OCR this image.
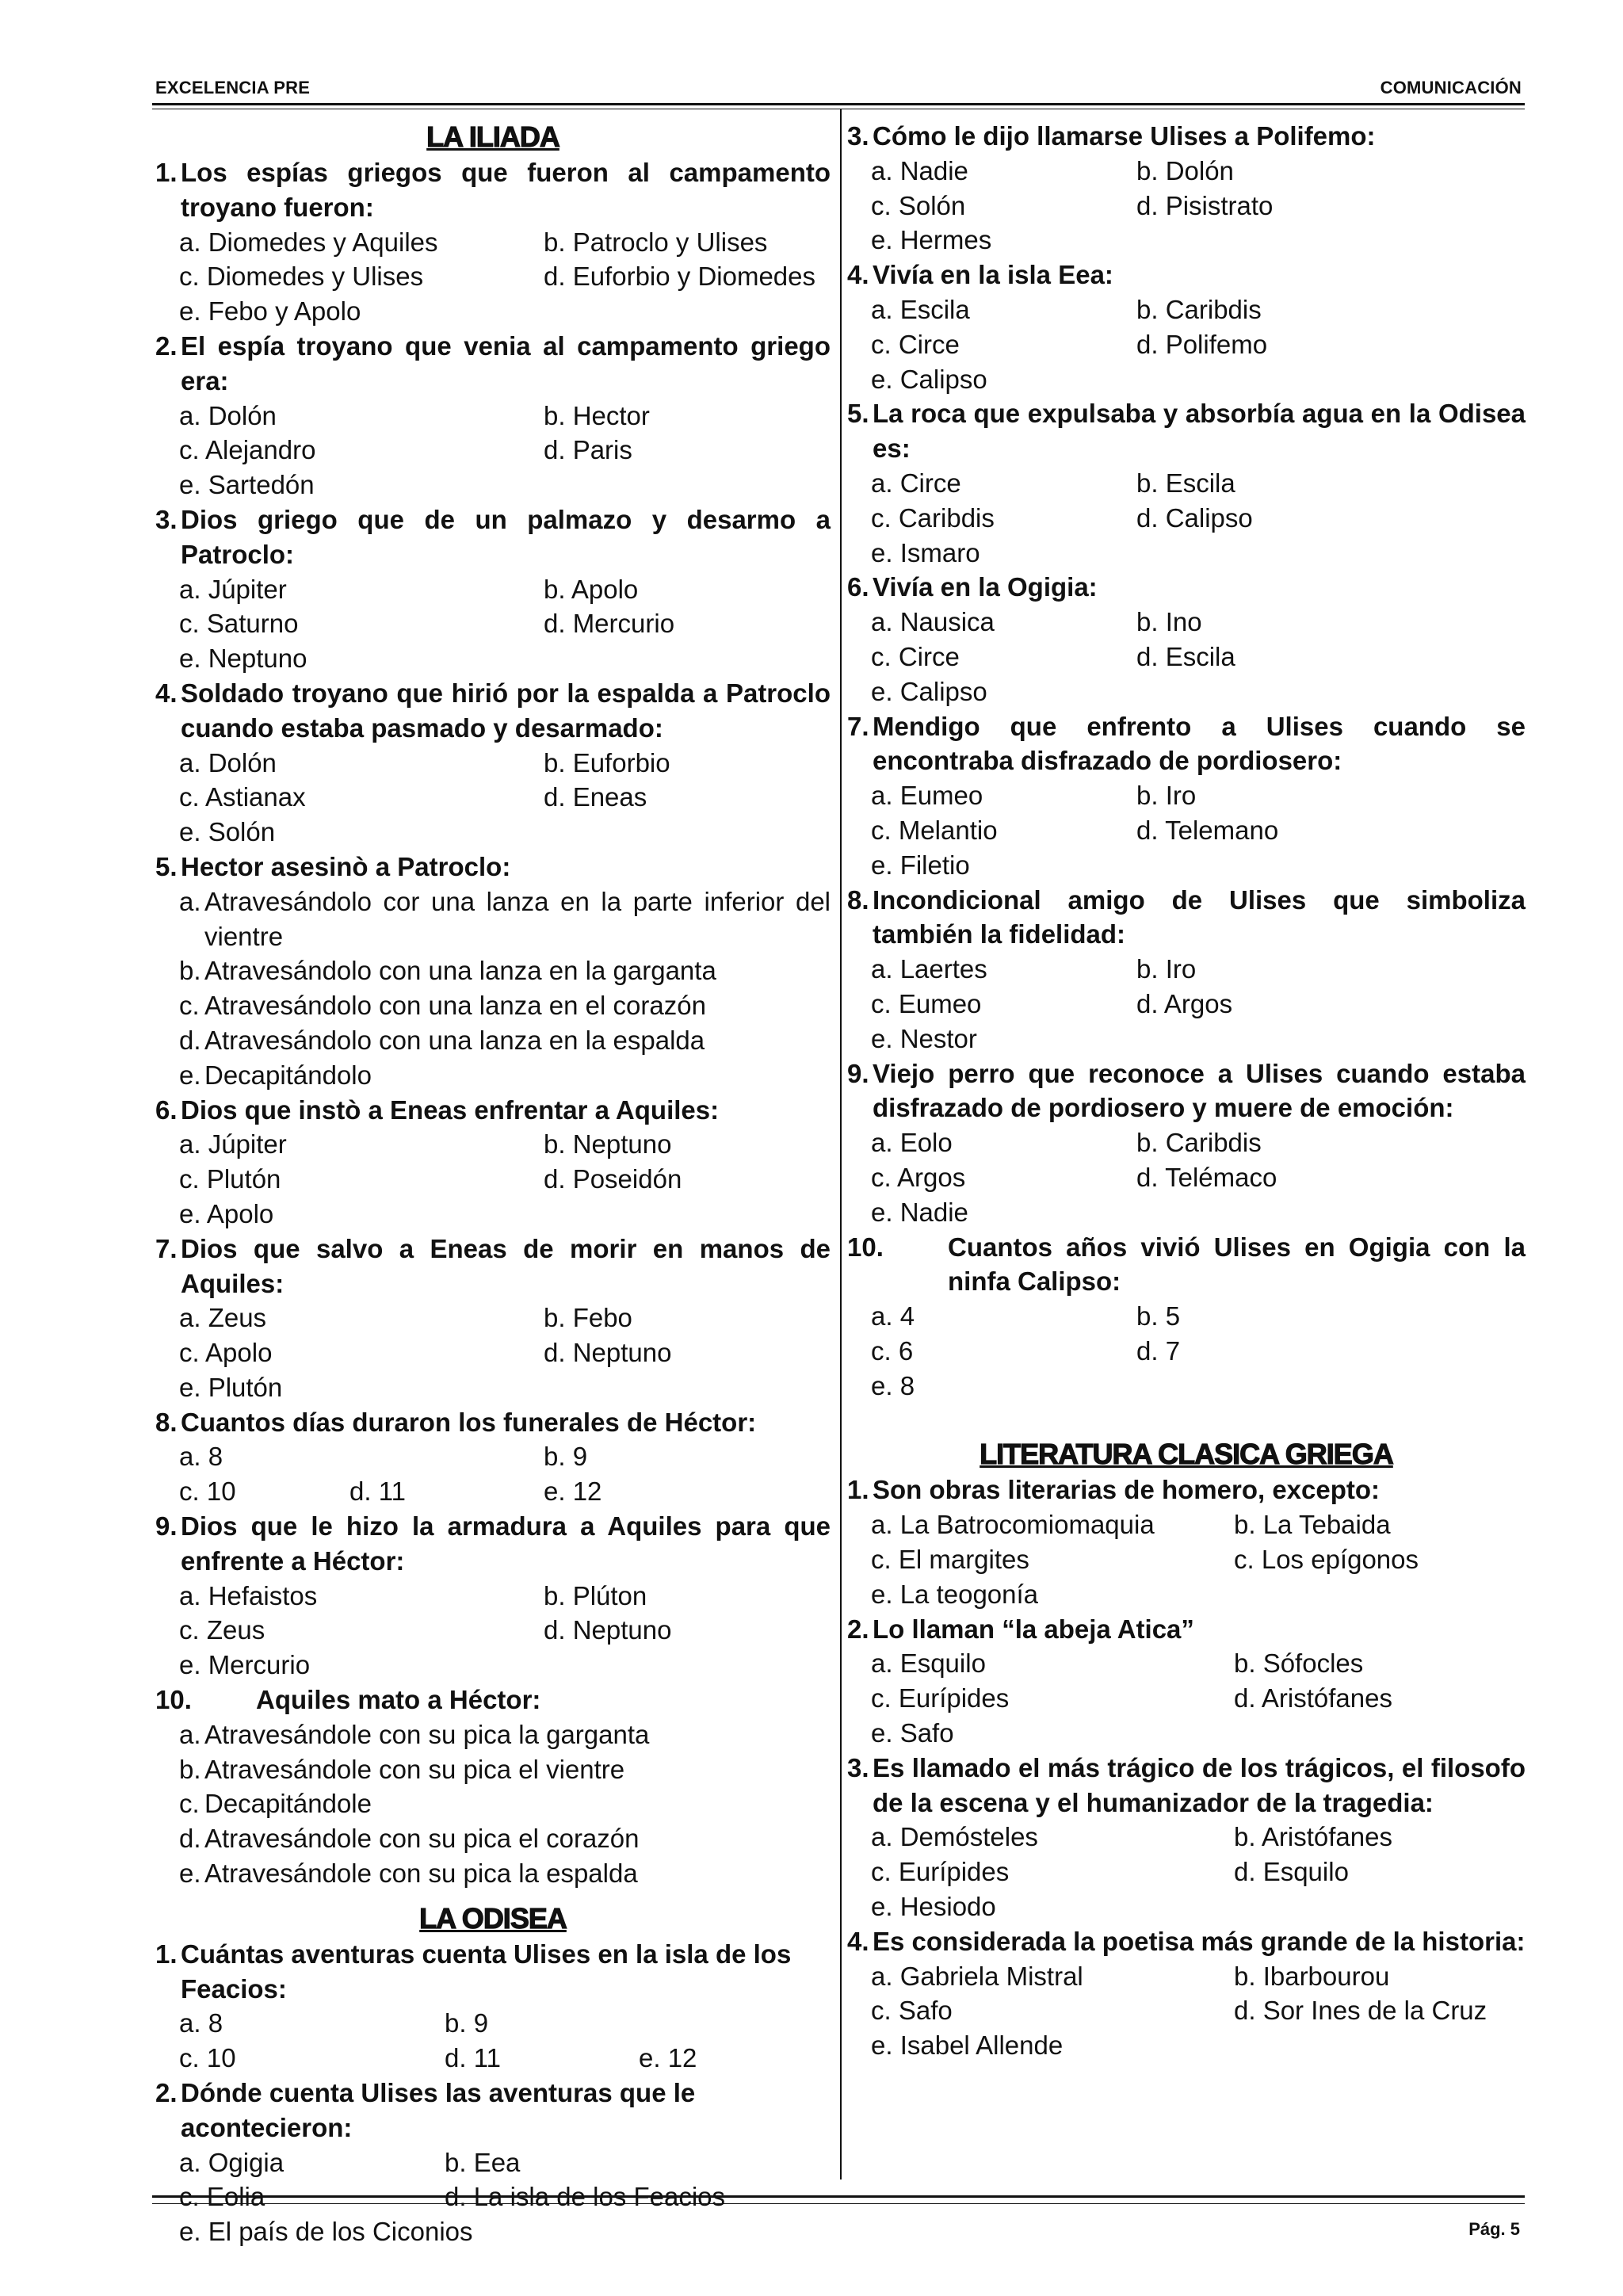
EXCELENCIA PRE	COMUNICACIÓN
LA ILIADA
1. Los espías griegos que fueron al campamento troyano fueron:
a. Diomedes y Aquiles	b. Patroclo y Ulises
c. Diomedes y Ulises	d. Euforbio y Diomedes
e. Febo y Apolo
2. El espía troyano que venia al campamento griego era:
a. Dolón	b. Hector
c. Alejandro	d. Paris
e. Sartedón
3. Dios griego que de un palmazo y desarmo a Patroclo:
a. Júpiter	b. Apolo
c. Saturno	d. Mercurio
e. Neptuno
4. Soldado troyano que hirió por la espalda a Patroclo cuando estaba pasmado y desarmado:
a. Dolón	b. Euforbio
c. Astianax	d. Eneas
e. Solón
5. Hector asesinò a Patroclo:
a. Atravesándolo cor una lanza en la parte inferior del vientre
b. Atravesándolo con una lanza en la garganta
c. Atravesándolo con una lanza en el corazón
d. Atravesándolo con una lanza en la espalda
e. Decapitándolo
6. Dios que instò a Eneas enfrentar a Aquiles:
a. Júpiter	b. Neptuno
c. Plutón	d. Poseidón
e. Apolo
7. Dios que salvo a Eneas de morir en manos de Aquiles:
a. Zeus	b. Febo
c. Apolo	d. Neptuno
e. Plutón
8. Cuantos días duraron los funerales de Héctor:
a. 8	b. 9
c. 10	d. 11	e. 12
9. Dios que le hizo la armadura a Aquiles para que enfrente a Héctor:
a. Hefaistos	b. Plúton
c. Zeus	d. Neptuno
e. Mercurio
10.	Aquiles mato a Héctor:
a. Atravesándole con su pica la garganta
b. Atravesándole con su pica el vientre
c. Decapitándole
d. Atravesándole con su pica el corazón
e. Atravesándole con su pica la espalda
LA ODISEA
1. Cuántas aventuras cuenta Ulises en la isla de los Feacios:
a. 8	b. 9
c. 10	d. 11	e. 12
2. Dónde cuenta Ulises las aventuras que le acontecieron:
a. Ogigia	b. Eea
c. Eolia	d. La isla de los Feacios
e. El país de los Ciconios
3. Cómo le dijo llamarse Ulises a Polifemo:
a. Nadie	b. Dolón
c. Solón	d. Pisistrato
e. Hermes
4. Vivía en la isla Eea:
a. Escila	b. Caribdis
c. Circe	d. Polifemo
e. Calipso
5. La roca que expulsaba y absorbía agua en la Odisea es:
a. Circe	b. Escila
c. Caribdis	d. Calipso
e. Ismaro
6. Vivía en la Ogigia:
a. Nausica	b. Ino
c. Circe	d. Escila
e. Calipso
7. Mendigo que enfrento a Ulises cuando se encontraba disfrazado de pordiosero:
a. Eumeo	b. Iro
c. Melantio	d. Telemano
e. Filetio
8. Incondicional amigo de Ulises que simboliza también la fidelidad:
a. Laertes	b. Iro
c. Eumeo	d. Argos
e. Nestor
9. Viejo perro que reconoce a Ulises cuando estaba disfrazado de pordiosero y muere de emoción:
a. Eolo	b. Caribdis
c. Argos	d. Telémaco
e. Nadie
10.	Cuantos años vivió Ulises en Ogigia con la ninfa Calipso:
a. 4	b. 5
c. 6	d. 7
e. 8
LITERATURA CLASICA GRIEGA
1. Son obras literarias de homero, excepto:
a. La Batrocomiomaquia	b. La Tebaida
c. El margites	c. Los epígonos
e. La teogonía
2. Lo llaman “la abeja Atica”
a. Esquilo	b. Sófocles
c. Eurípides	d. Aristófanes
e. Safo
3. Es llamado el más trágico de los trágicos, el filosofo de la escena y el humanizador de la tragedia:
a. Demósteles	b. Aristófanes
c. Eurípides	d. Esquilo
e. Hesiodo
4. Es considerada la poetisa más grande de la historia:
a. Gabriela Mistral	b. Ibarbourou
c. Safo	d. Sor Ines de la Cruz
e. Isabel Allende
Pág. 5
